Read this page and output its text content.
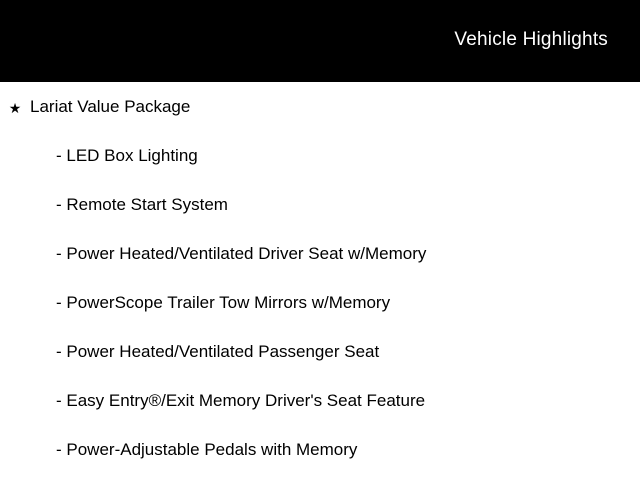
Vehicle Highlights
★ Lariat Value Package
- LED Box Lighting
- Remote Start System
- Power Heated/Ventilated Driver Seat w/Memory
- PowerScope Trailer Tow Mirrors w/Memory
- Power Heated/Ventilated Passenger Seat
- Easy Entry®/Exit Memory Driver's Seat Feature
- Power-Adjustable Pedals with Memory
